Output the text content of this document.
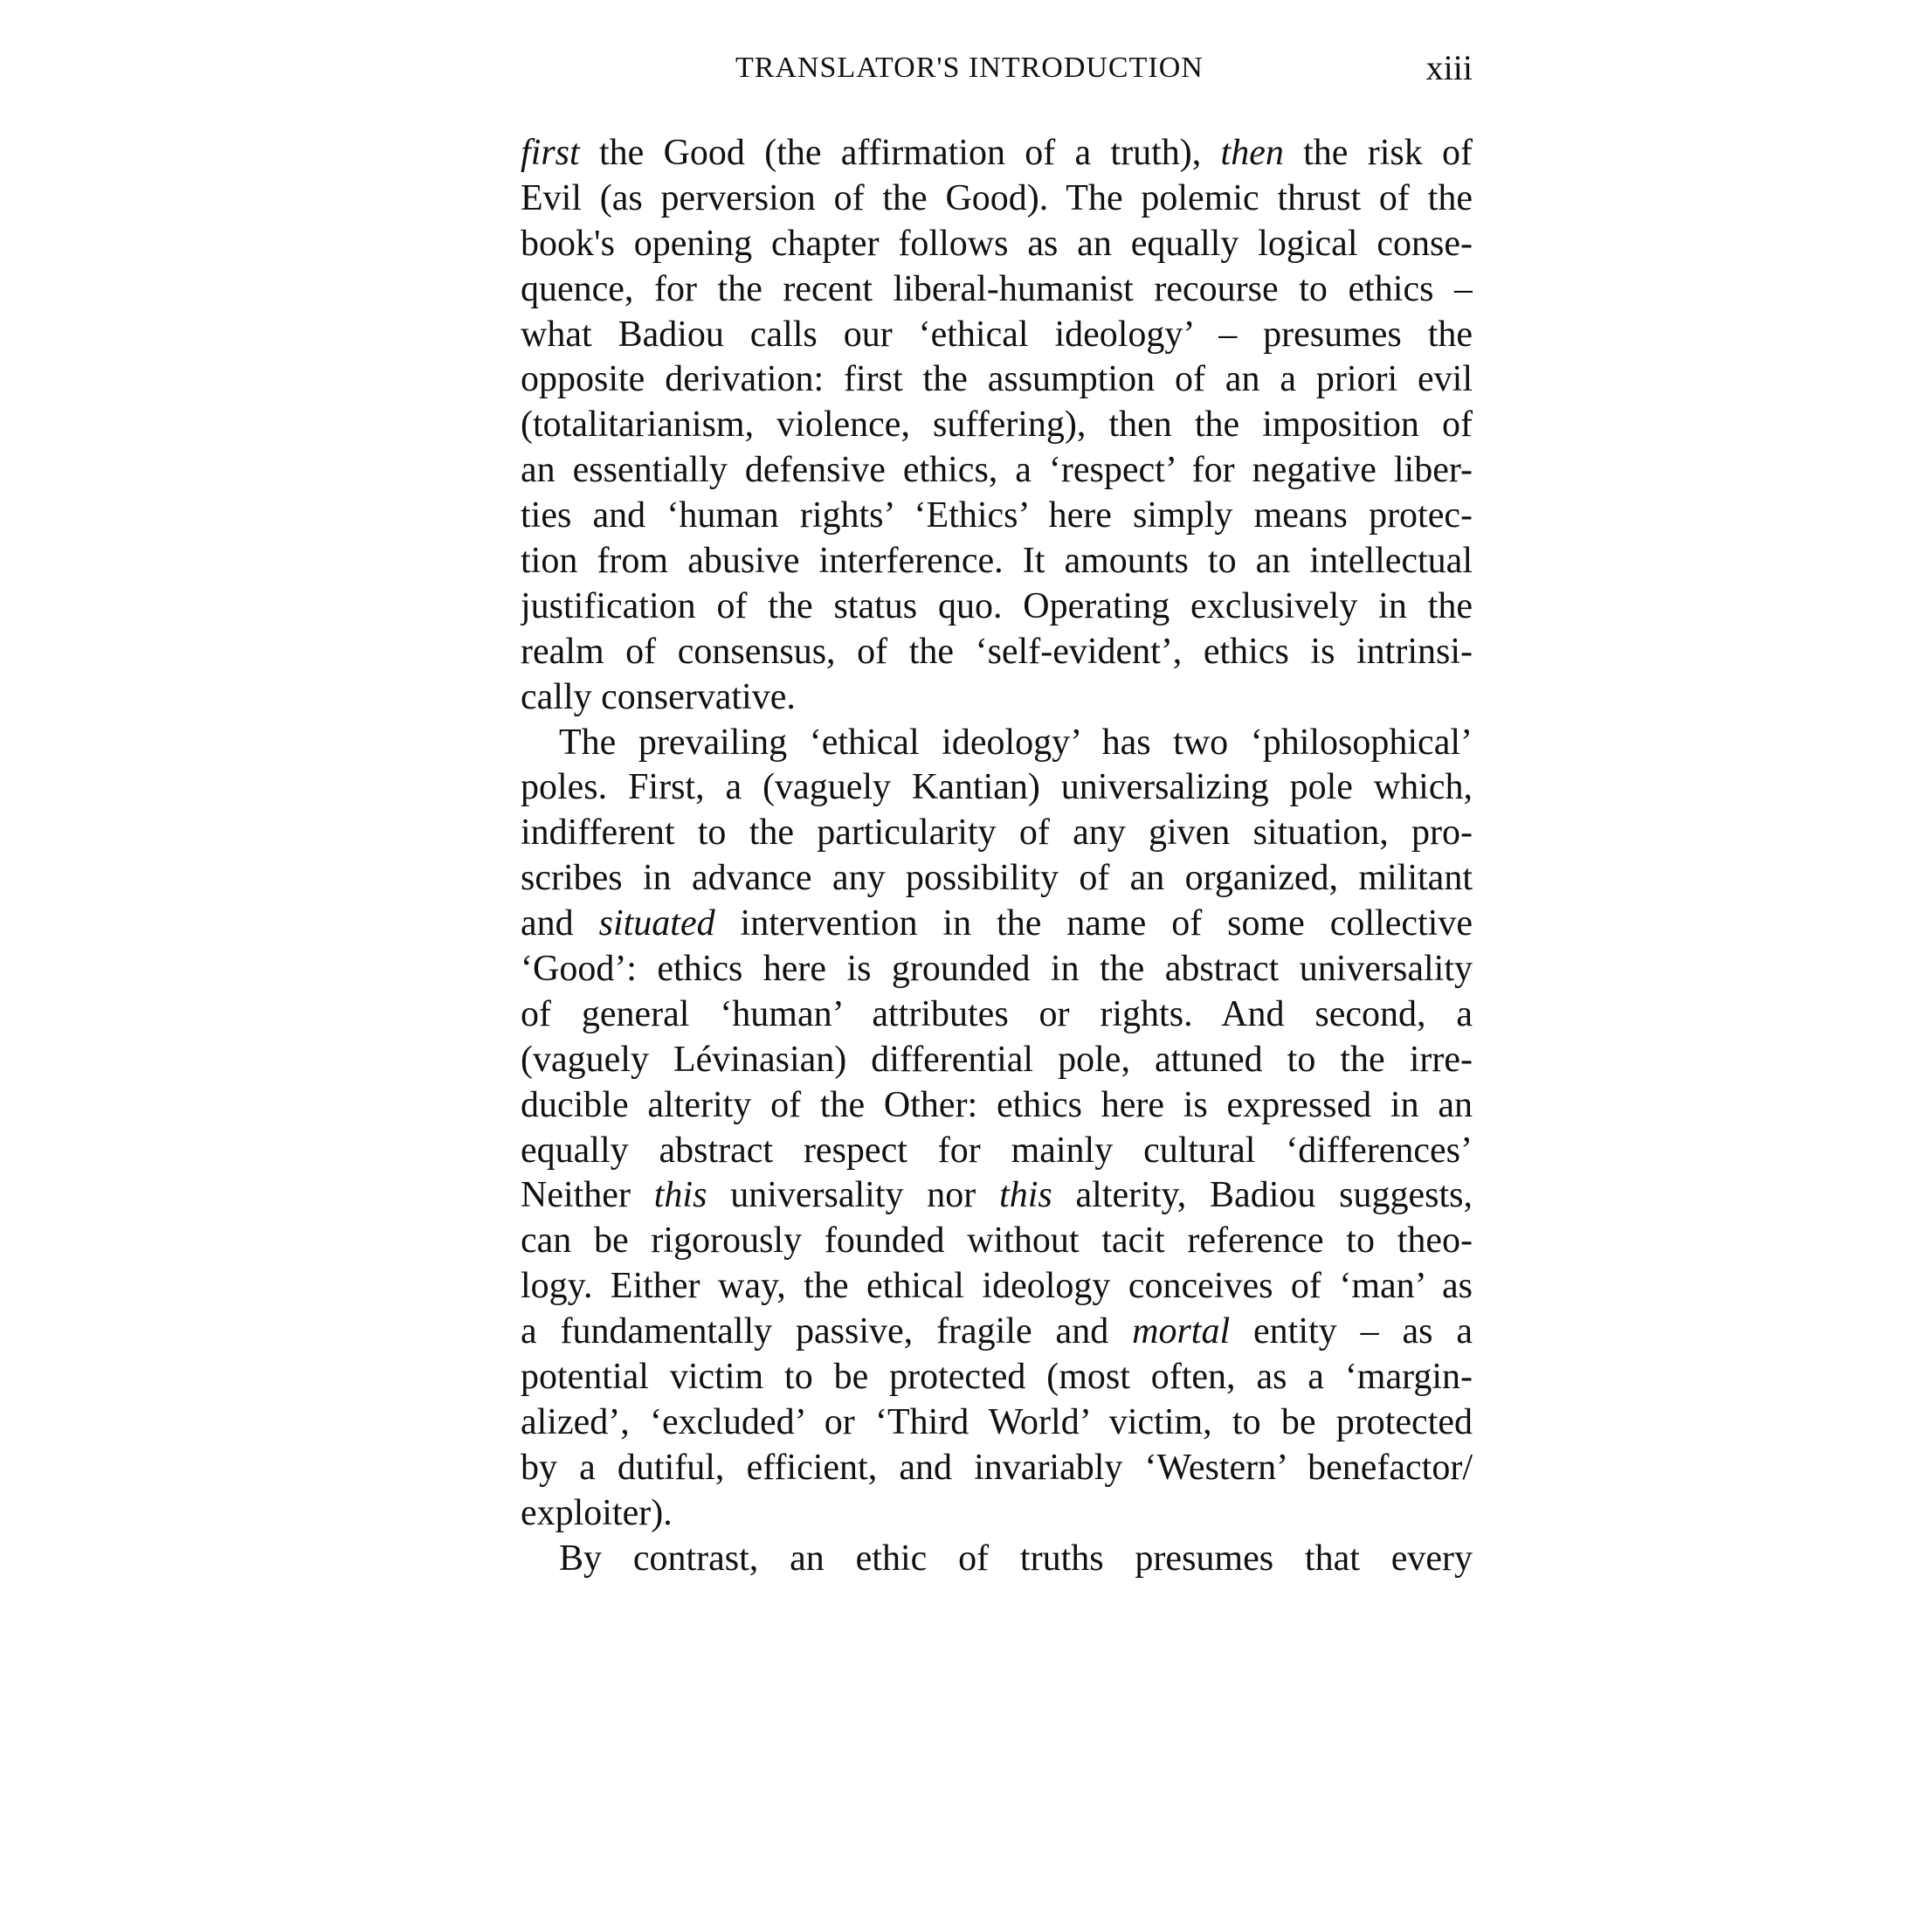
TRANSLATOR'S INTRODUCTION	xiii
first the Good (the affirmation of a truth), then the risk of
Evil (as perversion of the Good). The polemic thrust of the
book's opening chapter follows as an equally logical conse-
quence, for the recent liberal-humanist recourse to ethics –
what Badiou calls our ‘ethical ideology’ – presumes the
opposite derivation: first the assumption of an a priori evil
(totalitarianism, violence, suffering), then the imposition of
an essentially defensive ethics, a ‘respect’ for negative liber-
ties and ‘human rights’ ‘Ethics’ here simply means protec-
tion from abusive interference. It amounts to an intellectual
justification of the status quo. Operating exclusively in the
realm of consensus, of the ‘self-evident’, ethics is intrinsi-
cally conservative.
The prevailing ‘ethical ideology’ has two ‘philosophical’
poles. First, a (vaguely Kantian) universalizing pole which,
indifferent to the particularity of any given situation, pro-
scribes in advance any possibility of an organized, militant
and situated intervention in the name of some collective
‘Good’: ethics here is grounded in the abstract universality
of general ‘human’ attributes or rights. And second, a
(vaguely Lévinasian) differential pole, attuned to the irre-
ducible alterity of the Other: ethics here is expressed in an
equally abstract respect for mainly cultural ‘differences’
Neither this universality nor this alterity, Badiou suggests,
can be rigorously founded without tacit reference to theo-
logy. Either way, the ethical ideology conceives of ‘man’ as
a fundamentally passive, fragile and mortal entity – as a
potential victim to be protected (most often, as a ‘margin-
alized’, ‘excluded’ or ‘Third World’ victim, to be protected
by a dutiful, efficient, and invariably ‘Western’ benefactor/
exploiter).
By contrast, an ethic of truths presumes that every
